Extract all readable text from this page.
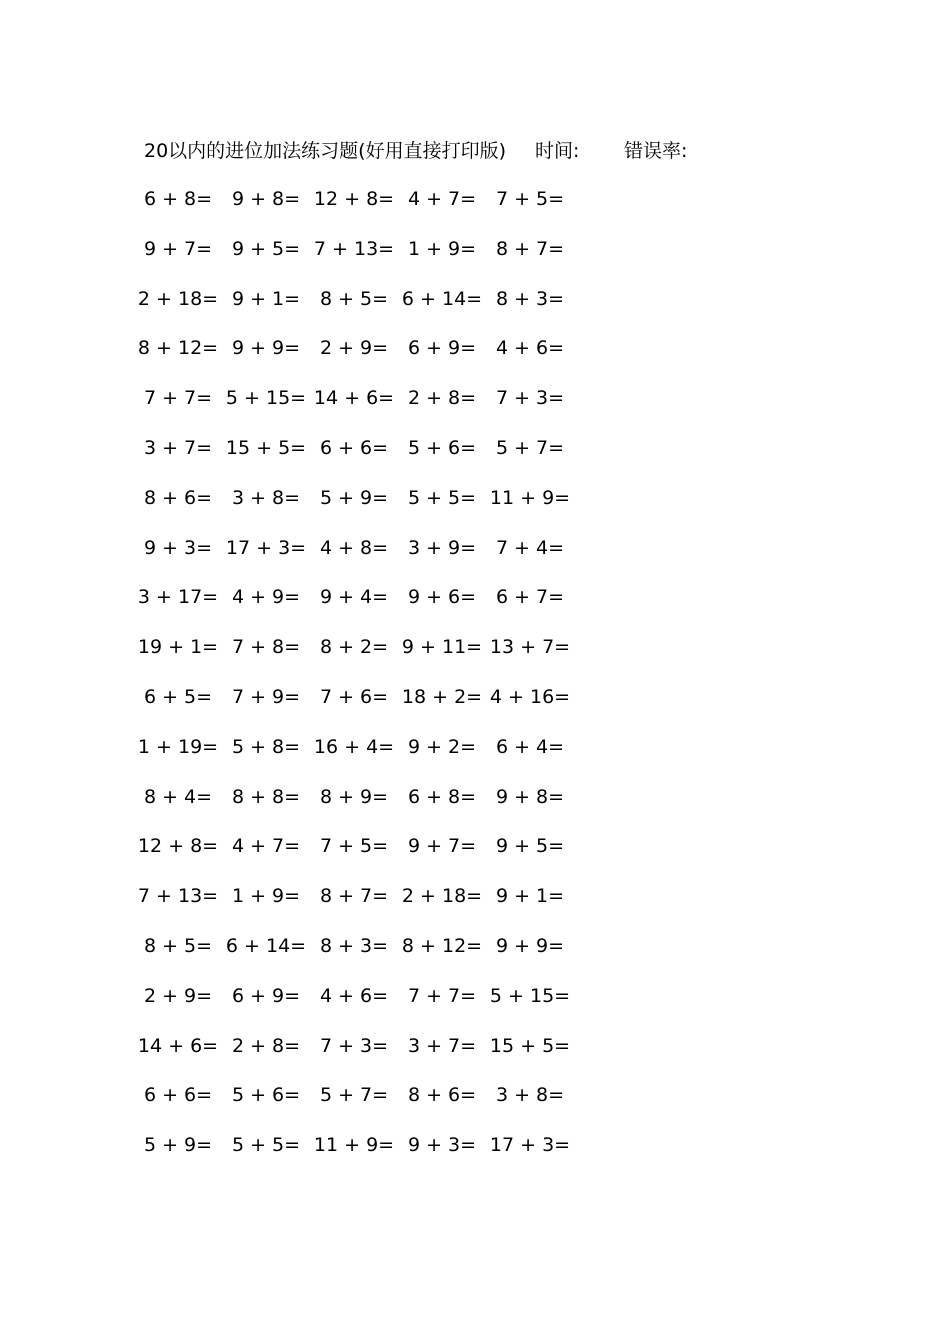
20以内的进位加法练习题(好用直接打印版) 时间: 错误率:
6 + 8=	9 + 8= 12 + 8= 4 + 7=	7 + 5=
9 + 7=	9 + 5= 7 + 13= 1 + 9=	8 + 7=
2 + 18= 9 + 1=	8 + 5= 6 + 14= 8 + 3=
8 + 12= 9 + 9=	2 + 9=	6 + 9=	4 + 6=
7 + 7= 5 + 15= 14 + 6= 2 + 8=	7 + 3=
3 + 7= 15 + 5= 6 + 6=	5 + 6=	5 + 7=
8 + 6=	3 + 8=	5 + 9=	5 + 5= 11 + 9=
9 + 3= 17 + 3= 4 + 8=	3 + 9=	7 + 4=
3 + 17= 4 + 9=	9 + 4=	9 + 6=	6 + 7=
19 + 1= 7 + 8=	8 + 2= 9 + 11= 13 + 7=
6 + 5=	7 + 9=	7 + 6= 18 + 2= 4 + 16=
1 + 19= 5 + 8= 16 + 4= 9 + 2=	6 + 4=
8 + 4=	8 + 8=	8 + 9=	6 + 8=	9 + 8=
12 + 8= 4 + 7=	7 + 5=	9 + 7=	9 + 5=
7 + 13= 1 + 9=	8 + 7= 2 + 18= 9 + 1=
8 + 5= 6 + 14= 8 + 3= 8 + 12= 9 + 9=
2 + 9=	6 + 9=	4 + 6=	7 + 7= 5 + 15=
14 + 6= 2 + 8=	7 + 3=	3 + 7= 15 + 5=
6 + 6=	5 + 6=	5 + 7=	8 + 6=	3 + 8=
5 + 9=	5 + 5= 11 + 9= 9 + 3= 17 + 3=
